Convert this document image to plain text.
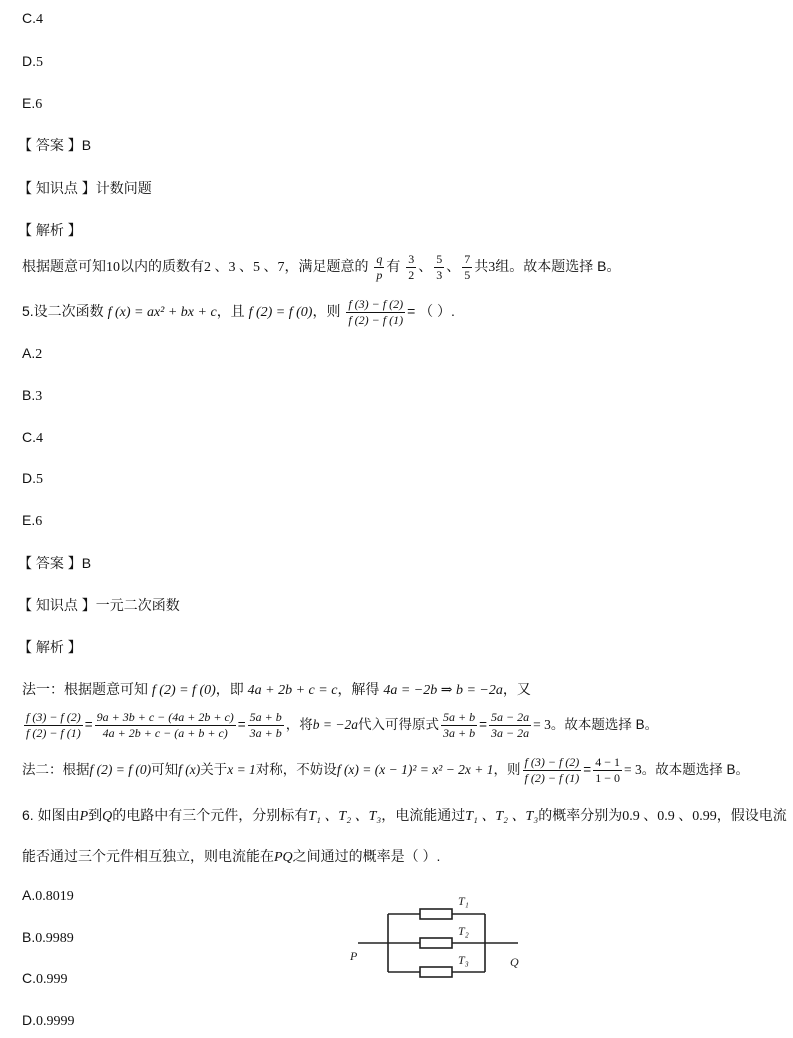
C.4
D.5
E.6
【 答案 】B
【 知识点 】计数问题
【 解析 】
根据题意可知10以内的质数有2 、3 、5 、7，满足题意的 $\frac{q}{p}$ 有 $\frac{3}{2}$ 、 $\frac{5}{3}$ 、 $\frac{7}{5}$ 共3组。故本题选择 B。
5.设二次函数 f (x) = ax² + bx + c，且 f (2) = f (0)，则 $\frac{f (3) - f (2)}{f (2) - f (1)}$ = （ ）.
A.2
B.3
C.4
D.5
E.6
【 答案 】B
【 知识点 】一元二次函数
【 解析 】
法一：根据题意可知 f (2) = f (0)，即 4a + 2b + c = c，解得 4a = −2b ⇒ b = −2a，又
$\frac{f (3) - f (2)}{f (2) - f (1)} = \frac{9a + 3b + c - (4a + 2b + c)}{4a + 2b + c - (a + b + c)} = \frac{5a + b}{3a + b}$ ，将b = −2a代入可得原式 $\frac{5a + b}{3a + b} = \frac{5a - 2a}{3a - 2a} = 3$。故本题选择 B。
法二：根据f (2) = f (0)可知f (x)关于x = 1对称，不妨设f (x) = (x − 1)² = x² − 2x + 1，则 $\frac{f (3) - f (2)}{f (2) - f (1)} = \frac{4 - 1}{1 - 0} = 3$。故本题选择 B。
6. 如图由P到Q的电路中有三个元件，分别标有T₁ 、T₂ 、T₃，电流能通过T₁ 、T₂ 、T₃的概率分别为0.9 、0.9 、0.99，假设电流
能否通过三个元件相互独立，则电流能在PQ之间通过的概率是（ ）.
A.0.8019
B.0.9989
C.0.999
D.0.9999
T₁
T₂
T₃
P	Q
